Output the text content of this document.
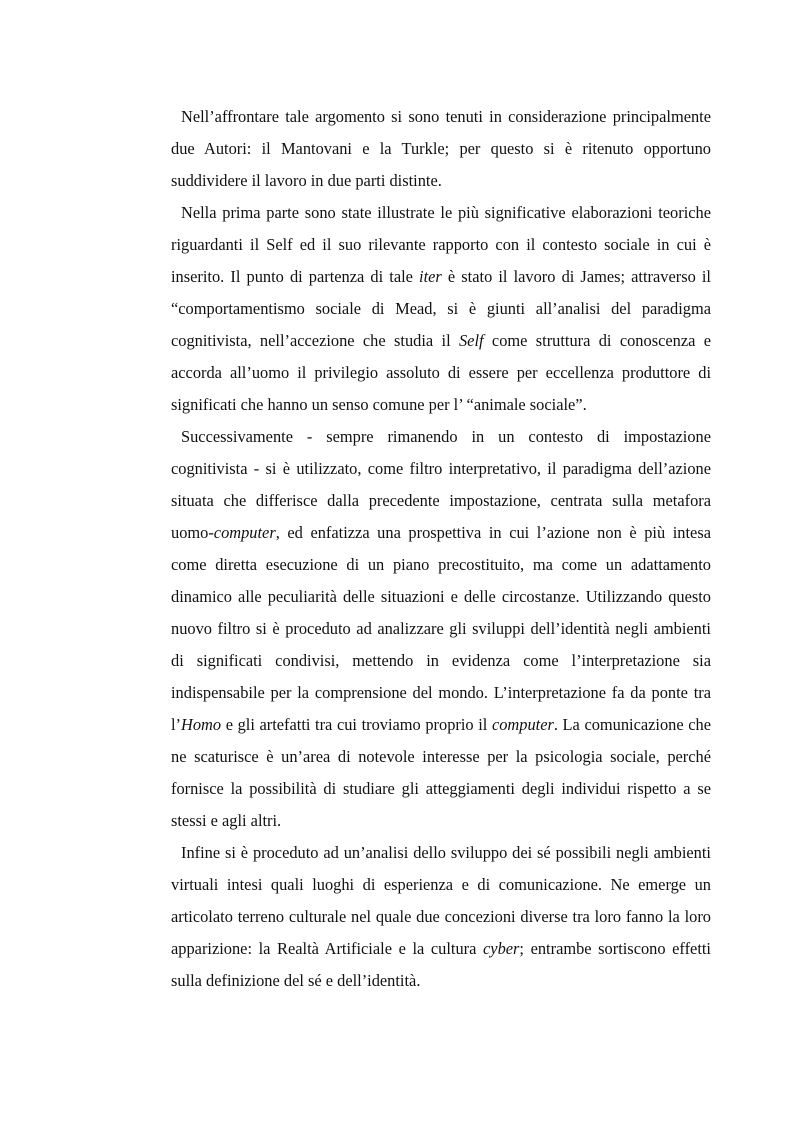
Nell’affrontare tale argomento si sono tenuti in considerazione principalmente due Autori: il Mantovani e la Turkle; per questo si è ritenuto opportuno suddividere il lavoro in due parti distinte.

Nella prima parte sono state illustrate le più significative elaborazioni teoriche riguardanti il Self ed il suo rilevante rapporto con il contesto sociale in cui è inserito. Il punto di partenza di tale iter è stato il lavoro di James; attraverso il “comportamentismo sociale di Mead, si è giunti all’analisi del paradigma cognitivista, nell’accezione che studia il Self come struttura di conoscenza e accorda all’uomo il privilegio assoluto di essere per eccellenza produttore di significati che hanno un senso comune per l’ “animale sociale”.

Successivamente - sempre rimanendo in un contesto di impostazione cognitivista - si è utilizzato, come filtro interpretativo, il paradigma dell’azione situata che differisce dalla precedente impostazione, centrata sulla metafora uomo-computer, ed enfatizza una prospettiva in cui l’azione non è più intesa come diretta esecuzione di un piano precostituito, ma come un adattamento dinamico alle peculiarità delle situazioni e delle circostanze. Utilizzando questo nuovo filtro si è proceduto ad analizzare gli sviluppi dell’identità negli ambienti di significati condivisi, mettendo in evidenza come l’interpretazione sia indispensabile per la comprensione del mondo. L’interpretazione fa da ponte tra l’Homo e gli artefatti tra cui troviamo proprio il computer. La comunicazione che ne scaturisce è un’area di notevole interesse per la psicologia sociale, perché fornisce la possibilità di studiare gli atteggiamenti degli individui rispetto a se stessi e agli altri.

Infine si è proceduto ad un’analisi dello sviluppo dei sé possibili negli ambienti virtuali intesi quali luoghi di esperienza e di comunicazione. Ne emerge un articolato terreno culturale nel quale due concezioni diverse tra loro fanno la loro apparizione: la Realtà Artificiale e la cultura cyber; entrambe sortiscono effetti sulla definizione del sé e dell’identità.
